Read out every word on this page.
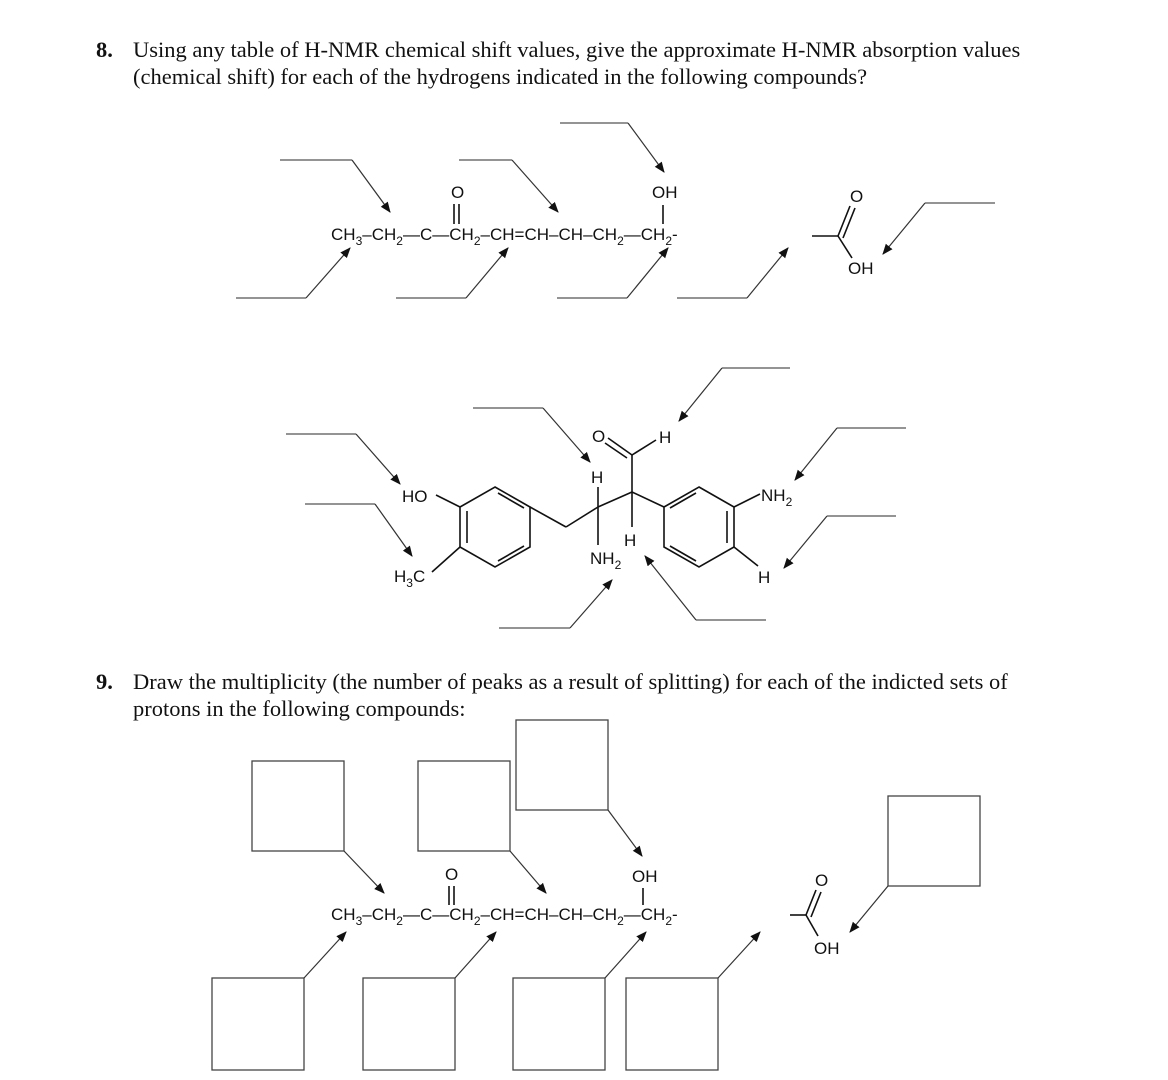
8. Using any table of H-NMR chemical shift values, give the approximate H-NMR absorption values
(chemical shift) for each of the hydrogens indicated in the following compounds?
9. Draw the multiplicity (the number of peaks as a result of splitting) for each of the indicted sets of
protons in the following compounds:
$CH_3-CH_2—C—CH_2-CH=CH-CH-CH_2—CH_2-$
O	OH	O
OH
HO
$H_3C$
H
$NH_2$
O	H
H
$NH_2$
H
$CH_3-CH_2—C—CH_2-CH=CH-CH-CH_2—CH_2-$
O	OH	O
OH
